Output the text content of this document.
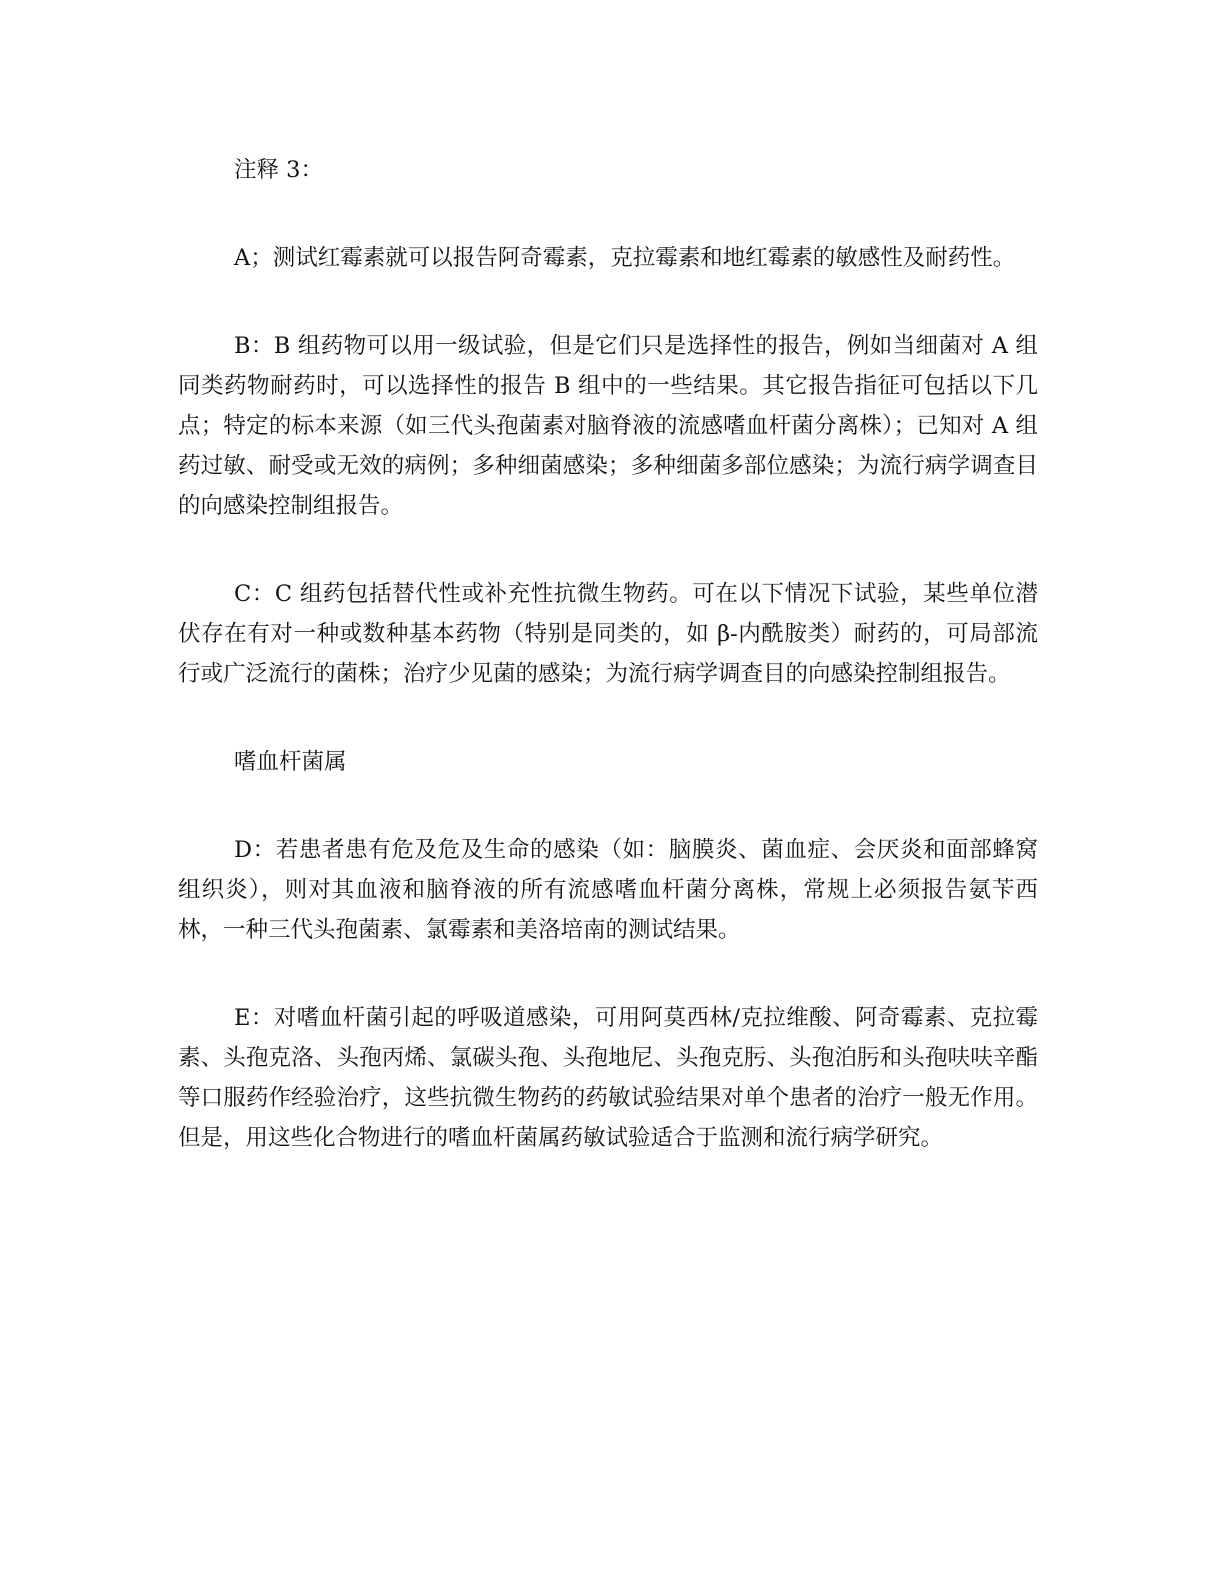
注释 3：

A；测试红霉素就可以报告阿奇霉素，克拉霉素和地红霉素的敏感性及耐药性。

B：B 组药物可以用一级试验，但是它们只是选择性的报告，例如当细菌对 A 组同类药物耐药时，可以选择性的报告 B 组中的一些结果。其它报告指征可包括以下几点；特定的标本来源（如三代头孢菌素对脑脊液的流感嗜血杆菌分离株）；已知对 A 组药过敏、耐受或无效的病例；多种细菌感染；多种细菌多部位感染；为流行病学调查目的向感染控制组报告。

C：C 组药包括替代性或补充性抗微生物药。可在以下情况下试验，某些单位潜伏存在有对一种或数种基本药物（特别是同类的，如 β-内酰胺类）耐药的，可局部流行或广泛流行的菌株；治疗少见菌的感染；为流行病学调查目的向感染控制组报告。

嗜血杆菌属

D：若患者患有危及危及生命的感染（如：脑膜炎、菌血症、会厌炎和面部蜂窝组织炎），则对其血液和脑脊液的所有流感嗜血杆菌分离株，常规上必须报告氨苄西林，一种三代头孢菌素、氯霉素和美洛培南的测试结果。

E：对嗜血杆菌引起的呼吸道感染，可用阿莫西林/克拉维酸、阿奇霉素、克拉霉素、头孢克洛、头孢丙烯、氯碳头孢、头孢地尼、头孢克肟、头孢泊肟和头孢呋呋辛酯等口服药作经验治疗，这些抗微生物药的药敏试验结果对单个患者的治疗一般无作用。但是，用这些化合物进行的嗜血杆菌属药敏试验适合于监测和流行病学研究。
